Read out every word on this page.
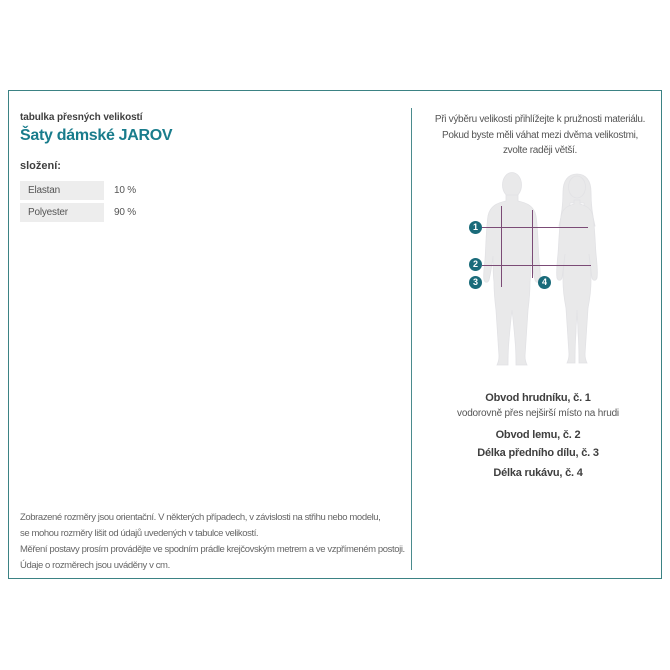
tabulka přesných velikostí
Šaty dámské JAROV
složení:
Elastan	10 %
Polyester	90 %
Zobrazené rozměry jsou orientační. V některých případech, v závislosti na střihu nebo modelu,
se mohou rozměry lišit od údajů uvedených v tabulce velikostí.
Měření postavy prosím provádějte ve spodním prádle krejčovským metrem a ve vzpřímeném postoji.
Údaje o rozměrech jsou uváděny v cm.
Při výběru velikosti přihlížejte k pružnosti materiálu.
Pokud byste měli váhat mezi dvěma velikostmi,
zvolte raději větší.
1
2
3	4
Obvod hrudníku, č. 1
vodorovně přes nejširší místo na hrudi
Obvod lemu, č. 2
Délka předního dílu, č. 3
Délka rukávu, č. 4
